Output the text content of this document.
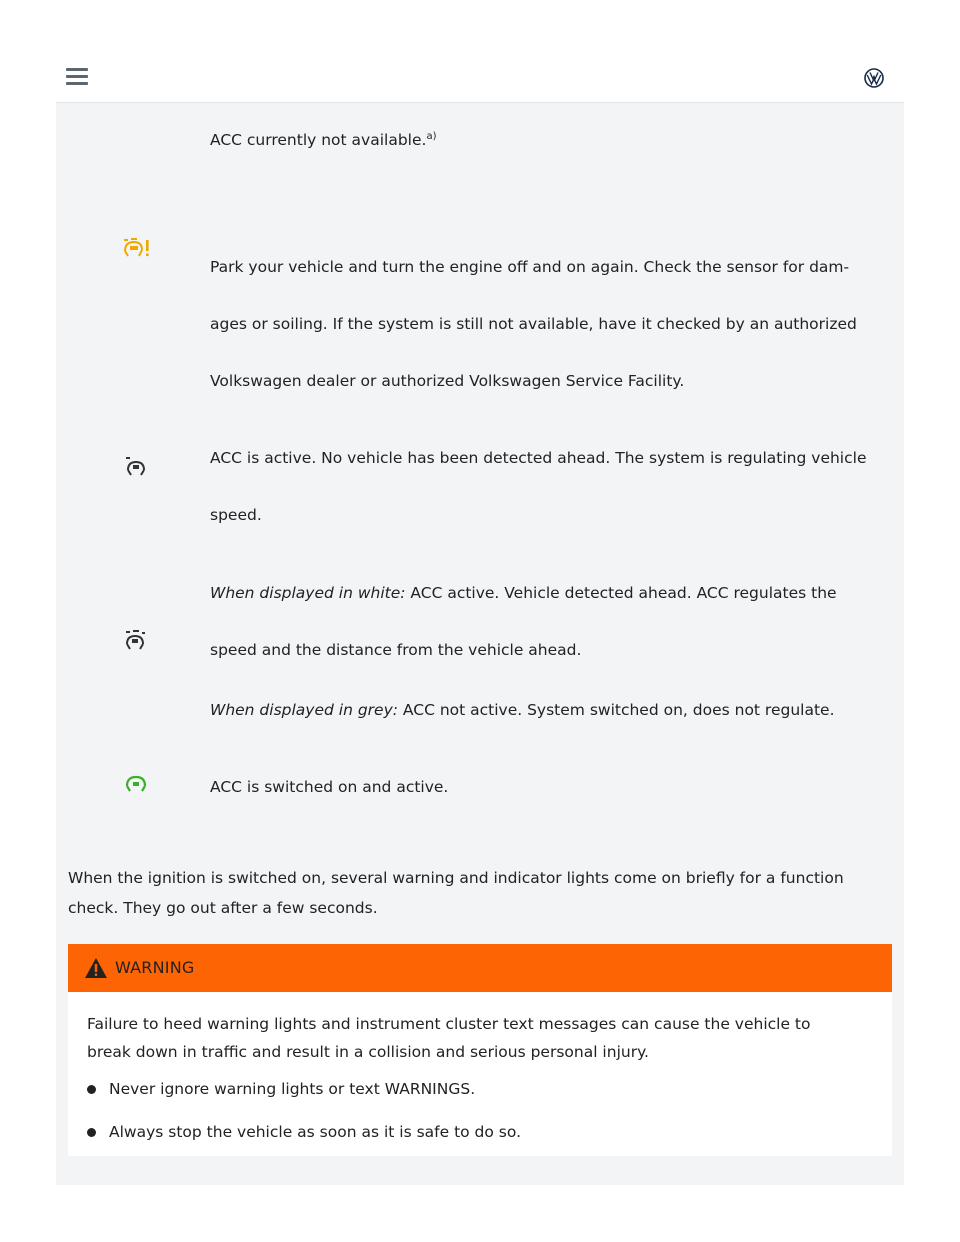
ACC currently not available.$^{a)}$
Park your vehicle and turn the engine off and on again. Check the sensor for dam-
ages or soiling. If the system is still not available, have it checked by an authorized
Volkswagen dealer or authorized Volkswagen Service Facility.
ACC is active. No vehicle has been detected ahead. The system is regulating vehicle
speed.
When displayed in white: ACC active. Vehicle detected ahead. ACC regulates the
speed and the distance from the vehicle ahead.
When displayed in grey: ACC not active. System switched on, does not regulate.
ACC is switched on and active.
When the ignition is switched on, several warning and indicator lights come on briefly for a function
check. They go out after a few seconds.
WARNING
Failure to heed warning lights and instrument cluster text messages can cause the vehicle to
break down in traffic and result in a collision and serious personal injury.
Never ignore warning lights or text WARNINGS.
Always stop the vehicle as soon as it is safe to do so.
